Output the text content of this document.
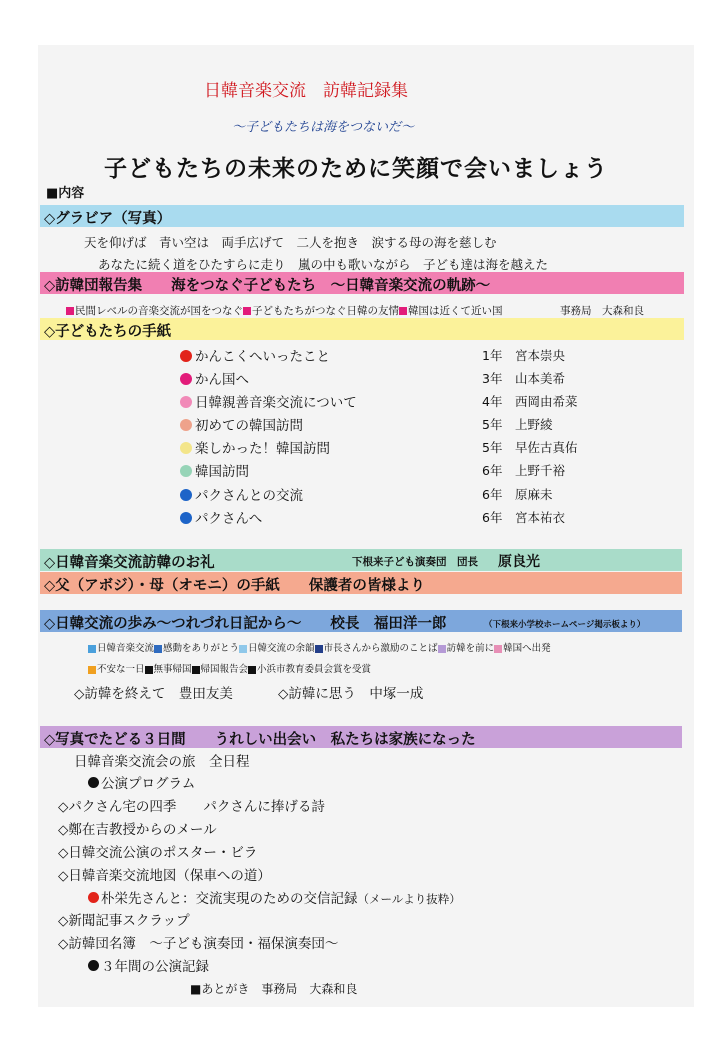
日韓音楽交流　訪韓記録集
〜子どもたちは海をつないだ〜
子どもたちの未来のために笑顔で会いましょう
■内容
◇グラビア（写真）
天を仰げば　青い空は　両手広げて　二人を抱き　涙する母の海を慈しむ
あなたに続く道をひたすらに走り　嵐の中も歌いながら　子ども達は海を越えた
◇訪韓団報告集　　海をつなぐ子どもたち　〜日韓音楽交流の軌跡〜
民間レベルの音楽交流が国をつなぐ 子どもたちがつなぐ日韓の友情 韓国は近くて近い国	事務局　大森和良
◇子どもたちの手紙
かんこくへいったこと	1年　 宮本崇央
かん国へ	3年　 山本美希
日韓親善音楽交流について	4年　 西岡由希菜
初めての韓国訪問	5年　 上野綾
楽しかった！韓国訪問	5年　 早佐古真佑
韓国訪問	6年　 上野千裕
パクさんとの交流	6年　 原麻未
パクさんへ	6年　 宮本祐衣
◇日韓音楽交流訪韓のお礼	下根来子ども演奏団　団長 原良光
◇父（アボジ）・母（オモニ）の手紙　　保護者の皆様より
◇日韓交流の歩み〜つれづれ日記から〜　　校長　福田洋一郎	（下根来小学校ホームページ掲示板より）
日韓音楽交流 感動をありがとう 日韓交流の余韻 市長さんから激励のことば 訪韓を前に 韓国へ出発
不安な一日 無事帰国 帰国報告会 小浜市教育委員会賞を受賞
◇訪韓を終えて　豊田友美	◇訪韓に思う　中塚一成
◇写真でたどる３日間　　うれしい出会い　私たちは家族になった
日韓音楽交流会の旅　全日程
公演プログラム
◇パクさん宅の四季　　パクさんに捧げる詩
◇鄭在吉教授からのメール
◇日韓交流公演のポスター・ビラ
◇日韓音楽交流地図（保車への道）
朴栄先さんと：交流実現のための交信記録（メールより抜粋）
◇新聞記事スクラップ
◇訪韓団名簿　〜子ども演奏団・福保演奏団〜
３年間の公演記録
■あとがき　事務局　大森和良
